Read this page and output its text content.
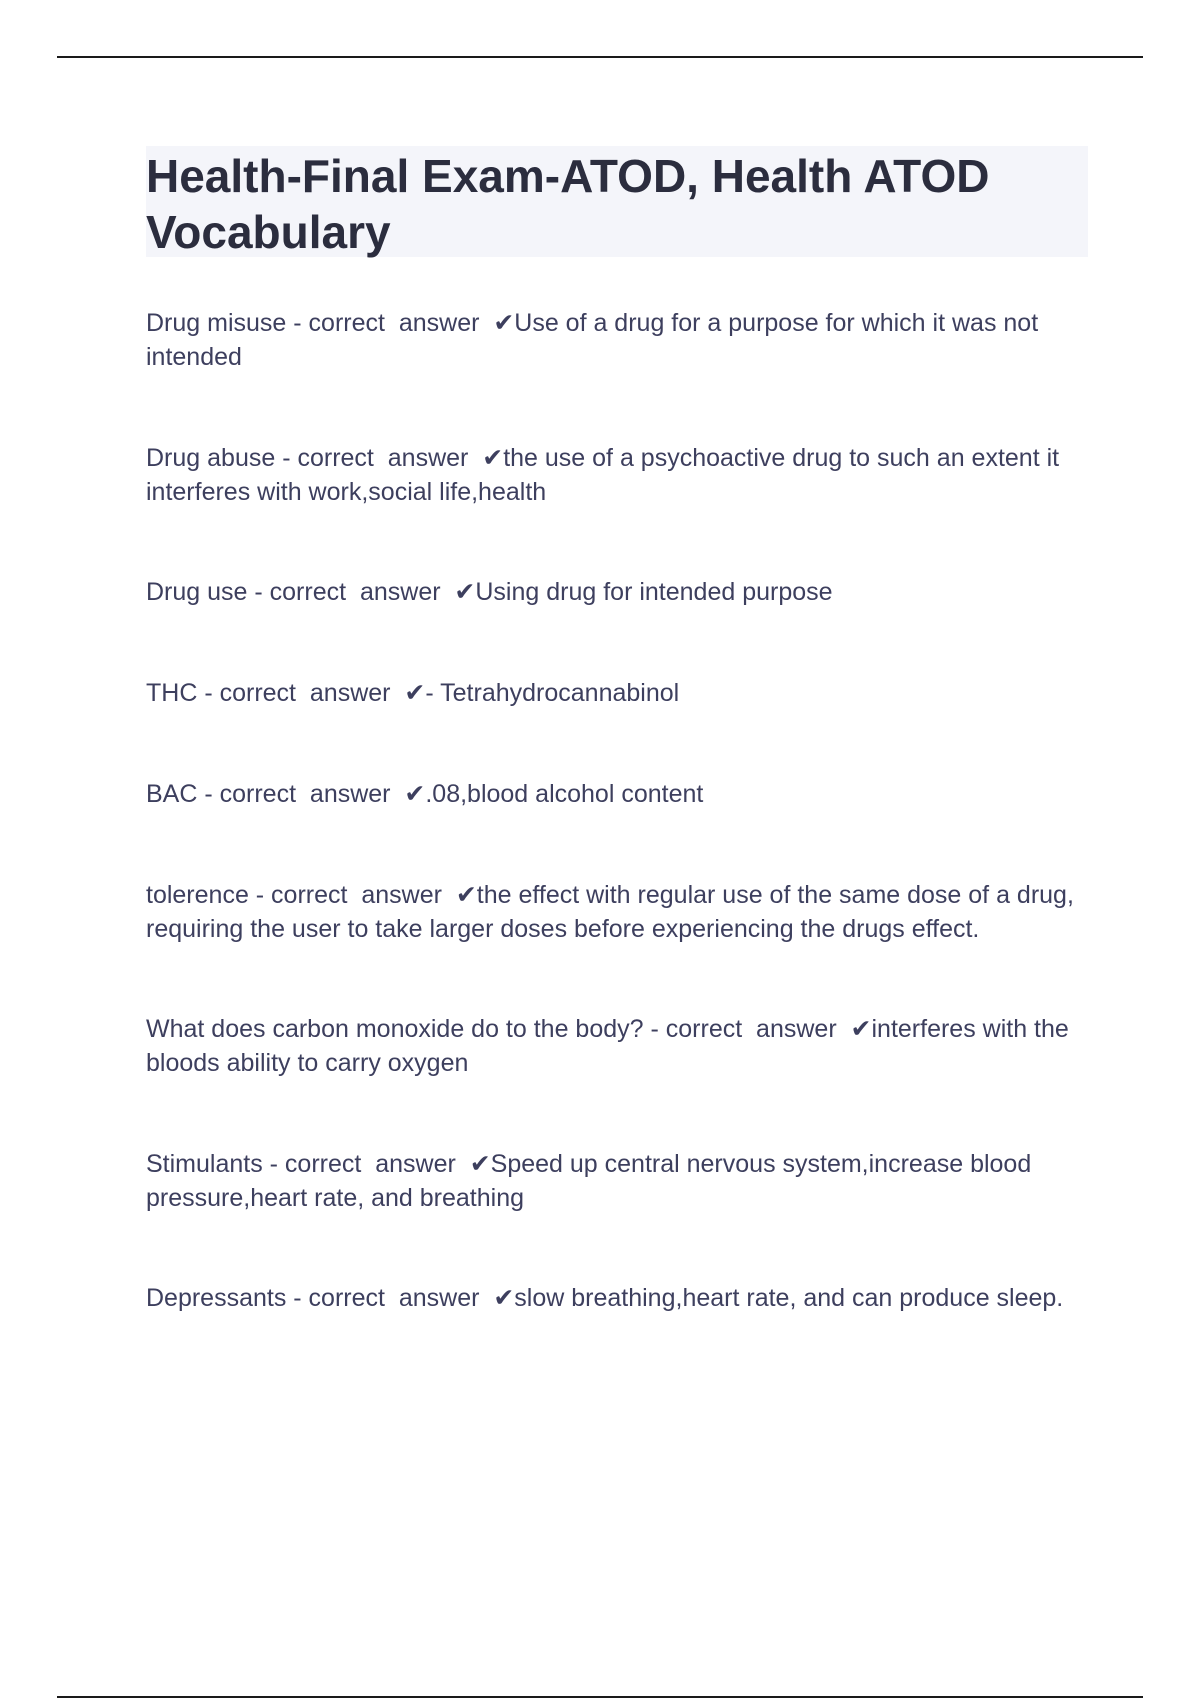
Health-Final Exam-ATOD, Health ATOD Vocabulary

Drug misuse - correct  answer  ✔Use of a drug for a purpose for which it was not intended

Drug abuse - correct  answer  ✔the use of a psychoactive drug to such an extent it interferes with work,social life,health

Drug use - correct  answer  ✔Using drug for intended purpose

THC - correct  answer  ✔- Tetrahydrocannabinol

BAC - correct  answer  ✔.08,blood alcohol content

tolerence - correct  answer  ✔the effect with regular use of the same dose of a drug, requiring the user to take larger doses before experiencing the drugs effect.

What does carbon monoxide do to the body? - correct  answer  ✔interferes with the bloods ability to carry oxygen

Stimulants - correct  answer  ✔Speed up central nervous system,increase blood pressure,heart rate, and breathing

Depressants - correct  answer  ✔slow breathing,heart rate, and can produce sleep.
